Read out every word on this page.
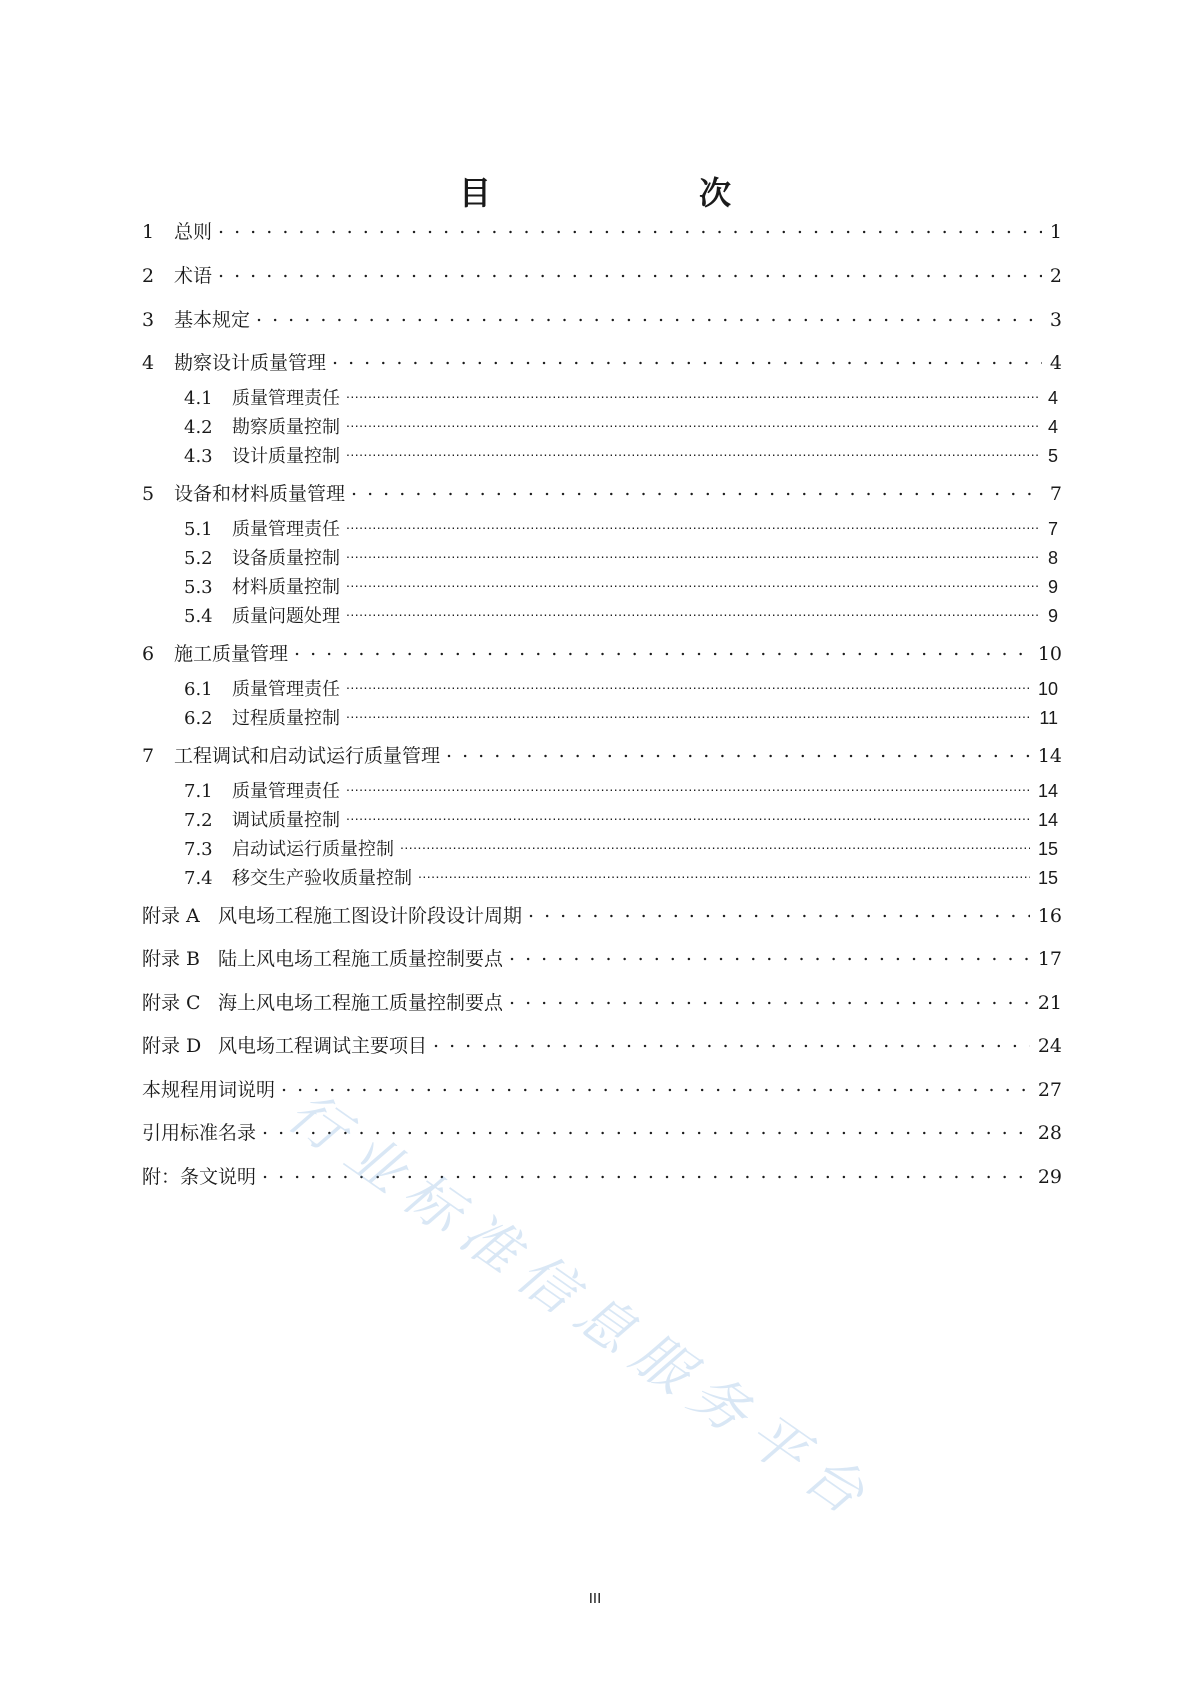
目　　次
1	总则 . . .	1
2	术语 . . .	2
3	基本规定 . . .	3
4	勘察设计质量管理 . . .	4
4.1	质量管理责任 .....	4
4.2	勘察质量控制 .....	4
4.3	设计质量控制 .....	5
5	设备和材料质量管理 . . .	7
5.1	质量管理责任 .....	7
5.2	设备质量控制 .....	8
5.3	材料质量控制 .....	9
5.4	质量问题处理 .....	9
6	施工质量管理 . . .	10
6.1	质量管理责任 .....	10
6.2	过程质量控制 .....	11
7	工程调试和启动试运行质量管理 . . .	14
7.1	质量管理责任 .....	14
7.2	调试质量控制 .....	14
7.3	启动试运行质量控制 .....	15
7.4	移交生产验收质量控制 .....	15
附录 A 风电场工程施工图设计阶段设计周期 . . .	16
附录 B 陆上风电场工程施工质量控制要点 . . .	17
附录 C 海上风电场工程施工质量控制要点 . . .	21
附录 D 风电场工程调试主要项目 . . .	24
本规程用词说明 . . .	27
引用标准名录 . . .	28
附：条文说明 . . .	29
行业标准信息服务平台
III
